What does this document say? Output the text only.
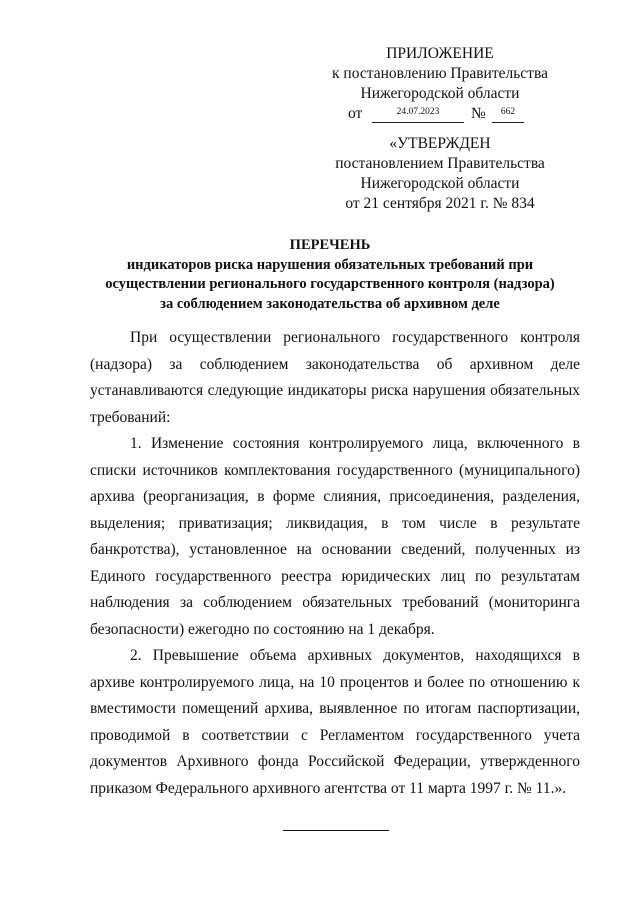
ПРИЛОЖЕНИЕ
к постановлению Правительства
Нижегородской области
от	24.07.2023	№	662
«УТВЕРЖДЕН
постановлением Правительства
Нижегородской области
от 21 сентября 2021 г. № 834
ПЕРЕЧЕНЬ
индикаторов риска нарушения обязательных требований при
осуществлении регионального государственного контроля (надзора)
за соблюдением законодательства об архивном деле

При осуществлении регионального государственного контроля (надзора) за соблюдением законодательства об архивном деле устанавливаются следующие индикаторы риска нарушения обязательных требований:

1. Изменение состояния контролируемого лица, включенного в списки источников комплектования государственного (муниципального) архива (реорганизация, в форме слияния, присоединения, разделения, выделения; приватизация; ликвидация, в том числе в результате банкротства), установленное на основании сведений, полученных из Единого государственного реестра юридических лиц по результатам наблюдения за соблюдением обязательных требований (мониторинга безопасности) ежегодно по состоянию на 1 декабря.

2. Превышение объема архивных документов, находящихся в архиве контролируемого лица, на 10 процентов и более по отношению к вместимости помещений архива, выявленное по итогам паспортизации, проводимой в соответствии с Регламентом государственного учета документов Архивного фонда Российской Федерации, утвержденного приказом Федерального архивного агентства от 11 марта 1997 г. № 11.».
